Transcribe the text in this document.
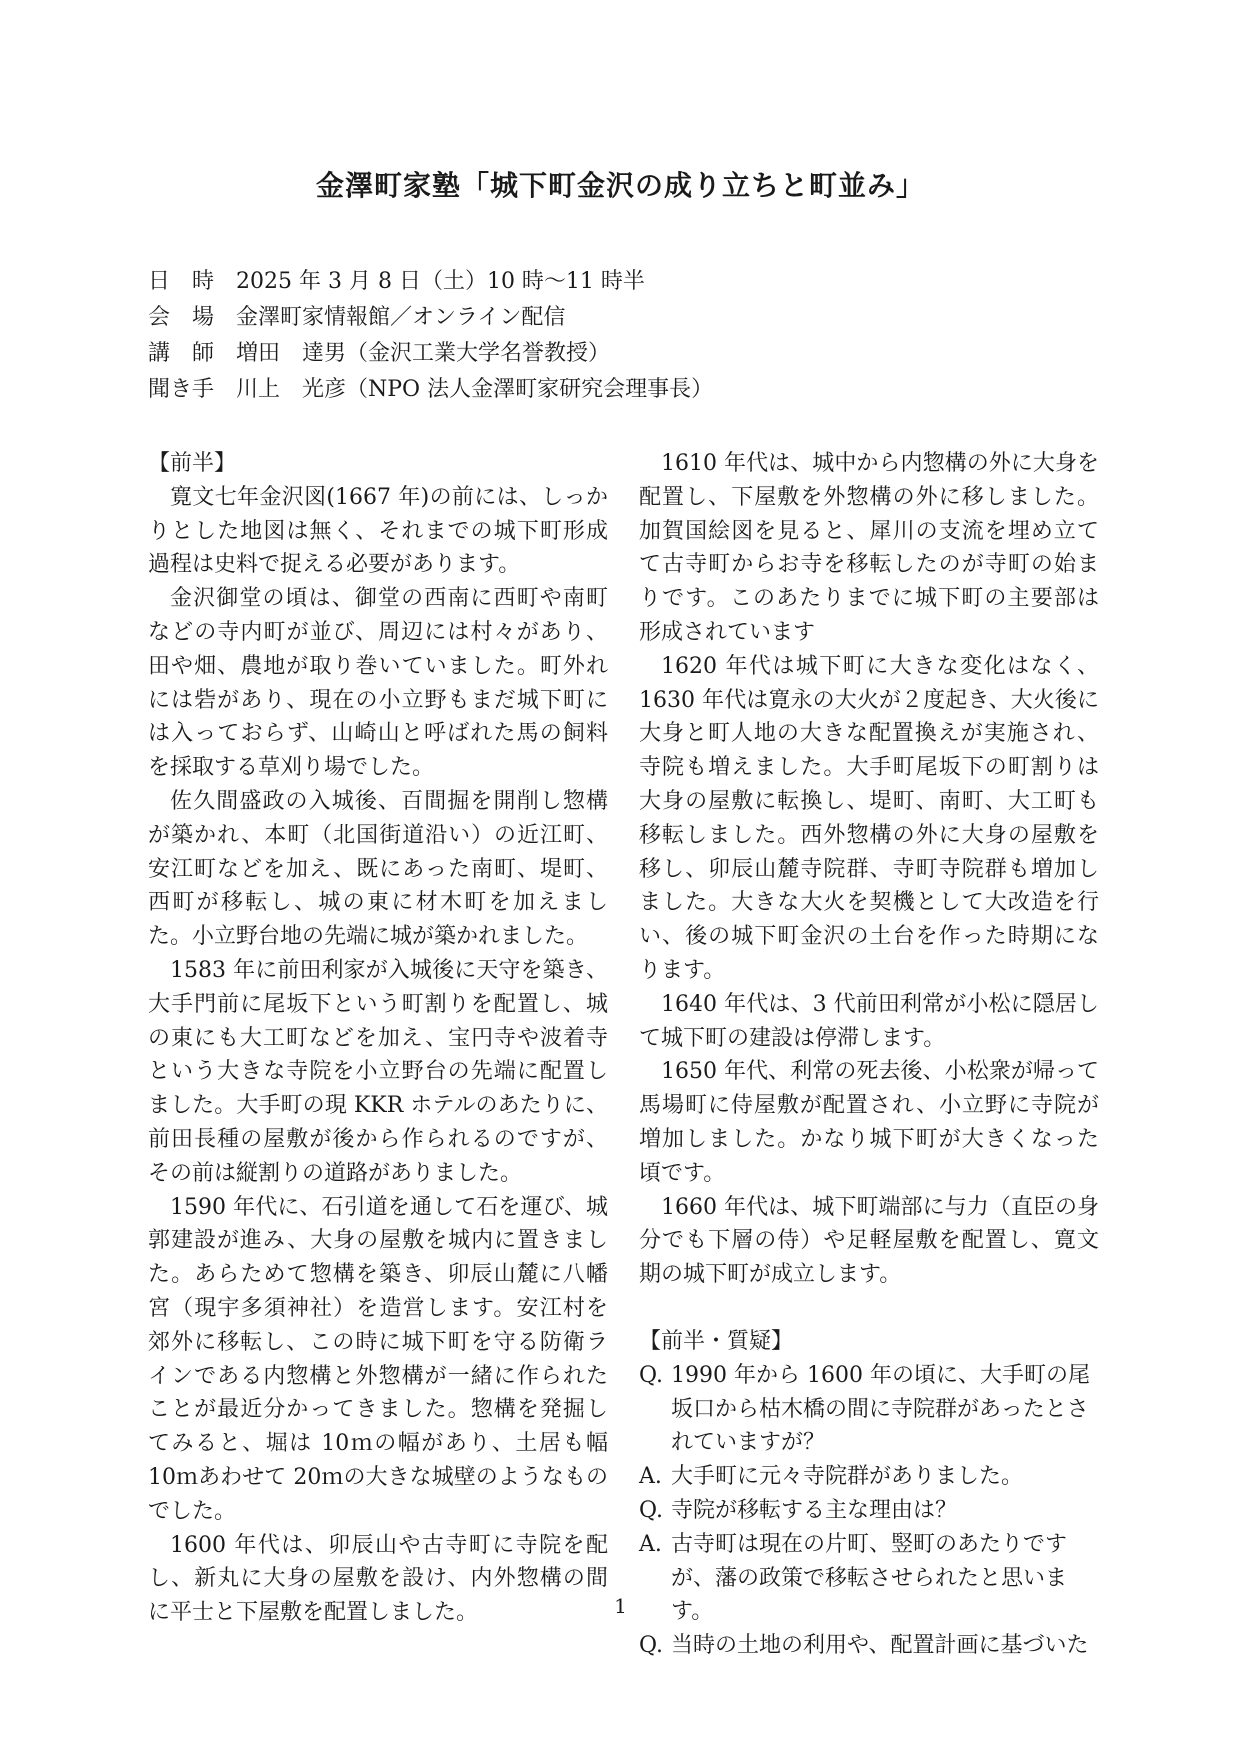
金澤町家塾「城下町金沢の成り立ちと町並み」
日　時 2025 年 3 月 8 日（土）10 時～11 時半
会　場 金澤町家情報館／オンライン配信
講　師 増田　達男（金沢工業大学名誉教授）
聞き手 川上　光彦（NPO 法人金澤町家研究会理事長）

【前半】

寛文七年金沢図(1667 年)の前には、しっかりとした地図は無く、それまでの城下町形成過程は史料で捉える必要があります。

金沢御堂の頃は、御堂の西南に西町や南町などの寺内町が並び、周辺には村々があり、田や畑、農地が取り巻いていました。町外れには砦があり、現在の小立野もまだ城下町には入っておらず、山崎山と呼ばれた馬の飼料を採取する草刈り場でした。

佐久間盛政の入城後、百間掘を開削し惣構が築かれ、本町（北国街道沿い）の近江町、安江町などを加え、既にあった南町、堤町、西町が移転し、城の東に材木町を加えました。小立野台地の先端に城が築かれました。

1583 年に前田利家が入城後に天守を築き、大手門前に尾坂下という町割りを配置し、城の東にも大工町などを加え、宝円寺や波着寺という大きな寺院を小立野台の先端に配置しました。大手町の現 KKR ホテルのあたりに、前田長種の屋敷が後から作られるのですが、その前は縦割りの道路がありました。

1590 年代に、石引道を通して石を運び、城郭建設が進み、大身の屋敷を城内に置きました。あらためて惣構を築き、卯辰山麓に八幡宮（現宇多須神社）を造営します。安江村を郊外に移転し、この時に城下町を守る防衛ラインである内惣構と外惣構が一緒に作られたことが最近分かってきました。惣構を発掘してみると、堀は 10ｍの幅があり、土居も幅 10ｍあわせて 20ｍの大きな城壁のようなものでした。

1600 年代は、卯辰山や古寺町に寺院を配し、新丸に大身の屋敷を設け、内外惣構の間に平士と下屋敷を配置しました。

1610 年代は、城中から内惣構の外に大身を配置し、下屋敷を外惣構の外に移しました。加賀国絵図を見ると、犀川の支流を埋め立てて古寺町からお寺を移転したのが寺町の始まりです。このあたりまでに城下町の主要部は形成されています

1620 年代は城下町に大きな変化はなく、1630 年代は寛永の大火が２度起き、大火後に大身と町人地の大きな配置換えが実施され、寺院も増えました。大手町尾坂下の町割りは大身の屋敷に転換し、堤町、南町、大工町も移転しました。西外惣構の外に大身の屋敷を移し、卯辰山麓寺院群、寺町寺院群も増加しました。大きな大火を契機として大改造を行い、後の城下町金沢の土台を作った時期になります。

1640 年代は、3 代前田利常が小松に隠居して城下町の建設は停滞します。

1650 年代、利常の死去後、小松衆が帰って馬場町に侍屋敷が配置され、小立野に寺院が増加しました。かなり城下町が大きくなった頃です。

1660 年代は、城下町端部に与力（直臣の身分でも下層の侍）や足軽屋敷を配置し、寛文期の城下町が成立します。

【前半・質疑】

Q. 1990 年から 1600 年の頃に、大手町の尾坂口から枯木橋の間に寺院群があったとされていますが？

A. 大手町に元々寺院群がありました。

Q. 寺院が移転する主な理由は？

A. 古寺町は現在の片町、竪町のあたりですが、藩の政策で移転させられたと思います。

Q. 当時の土地の利用や、配置計画に基づいた

1
